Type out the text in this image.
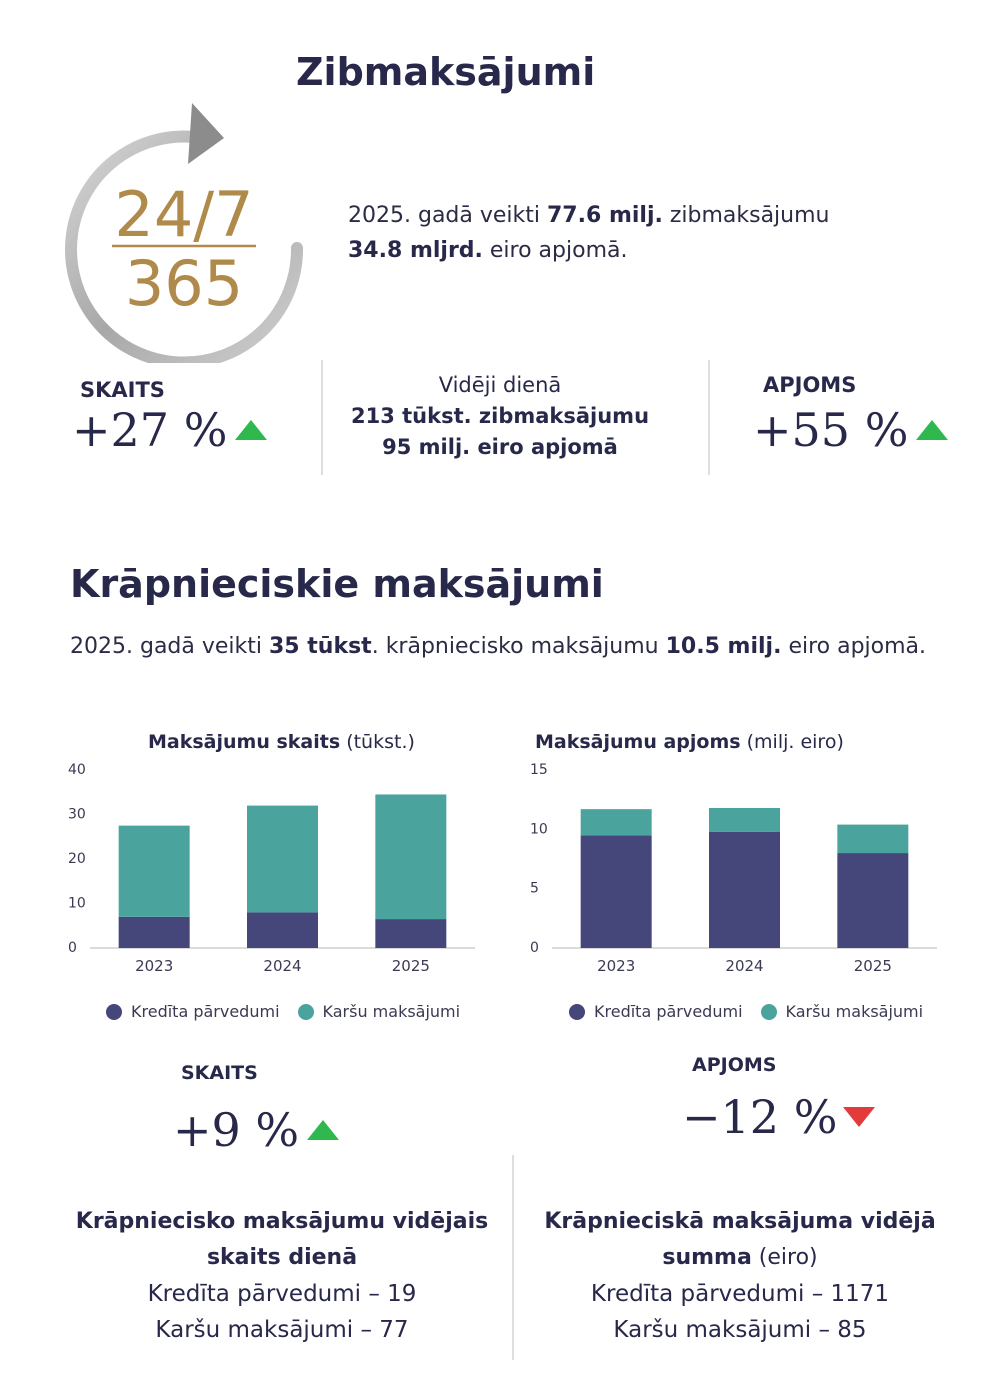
Zibmaksājumi
24/7
365
2025. gadā veikti 77.6 milj. zibmaksājumu
34.8 mljrd. eiro apjomā.
SKAITS
+27 %
Vidēji dienā
213 tūkst. zibmaksājumu
95 milj. eiro apjomā
APJOMS
+55 %
Krāpnieciskie maksājumi
2025. gadā veikti 35 tūkst. krāpniecisko maksājumu 10.5 milj. eiro apjomā.
Maksājumu skaits (tūkst.)
0
10
20
30
40
2023	2024	2025
Kredīta pārvedumi	Karšu maksājumi
Maksājumu apjoms (milj. eiro)
0
5
10
15
2023	2024	2025
Kredīta pārvedumi	Karšu maksājumi
SKAITS
+9 %
APJOMS
−12 %
Krāpniecisko maksājumu vidējais
skaits dienā
Kredīta pārvedumi – 19
Karšu maksājumi – 77
Krāpnieciskā maksājuma vidējā
summa (eiro)
Kredīta pārvedumi – 1171
Karšu maksājumi – 85
